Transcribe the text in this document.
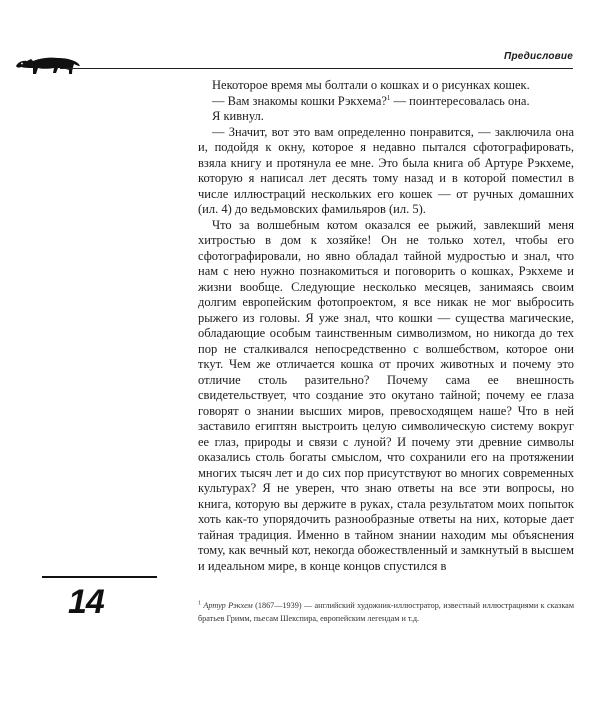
Предисловие

Некоторое время мы болтали о кошках и о рисунках кошек.

— Вам знакомы кошки Рэкхема?$^1$ — поинтересовалась она.

Я кивнул.

— Значит, вот это вам определенно понравится, — заключила она и, подойдя к окну, которое я недавно пытался сфотографировать, взяла книгу и протянула ее мне. Это была книга об Артуре Рэкхеме, которую я написал лет десять тому назад и в которой поместил в числе иллюстраций нескольких его кошек — от ручных домашних (ил. 4) до ведьмовских фамильяров (ил. 5).

Что за волшебным котом оказался ее рыжий, завлекший меня хитростью в дом к хозяйке! Он не только хотел, чтобы его сфотографировали, но явно обладал тайной мудростью и знал, что нам с нею нужно познакомиться и поговорить о кошках, Рэкхеме и жизни вообще. Следующие несколько месяцев, занимаясь своим долгим европейским фотопроектом, я все никак не мог выбросить рыжего из головы. Я уже знал, что кошки — существа магические, обладающие особым таинственным символизмом, но никогда до тех пор не сталкивался непосредственно с волшебством, которое они ткут. Чем же отличается кошка от прочих животных и почему это отличие столь разительно? Почему сама ее внешность свидетельствует, что создание это окутано тайной; почему ее глаза говорят о знании высших миров, превосходящем наше? Что в ней заставило египтян выстроить целую символическую систему вокруг ее глаз, природы и связи с луной? И почему эти древние символы оказались столь богаты смыслом, что сохранили его на протяжении многих тысяч лет и до сих пор присутствуют во многих современных культурах? Я не уверен, что знаю ответы на все эти вопросы, но книга, которую вы держите в руках, стала результатом моих попыток хоть как-то упорядочить разнообразные ответы на них, которые дает тайная традиция. Именно в тайном знании находим мы объяснения тому, как вечный кот, некогда обожествленный и замкнутый в высшем и идеальном мире, в конце концов спустился в

14	$^1$ Артур Рэкхем (1867—1939) — английский художник-иллюстратор, известный иллюстрациями к сказкам братьев Гримм, пьесам Шекспира, европейским легендам и т.д.
